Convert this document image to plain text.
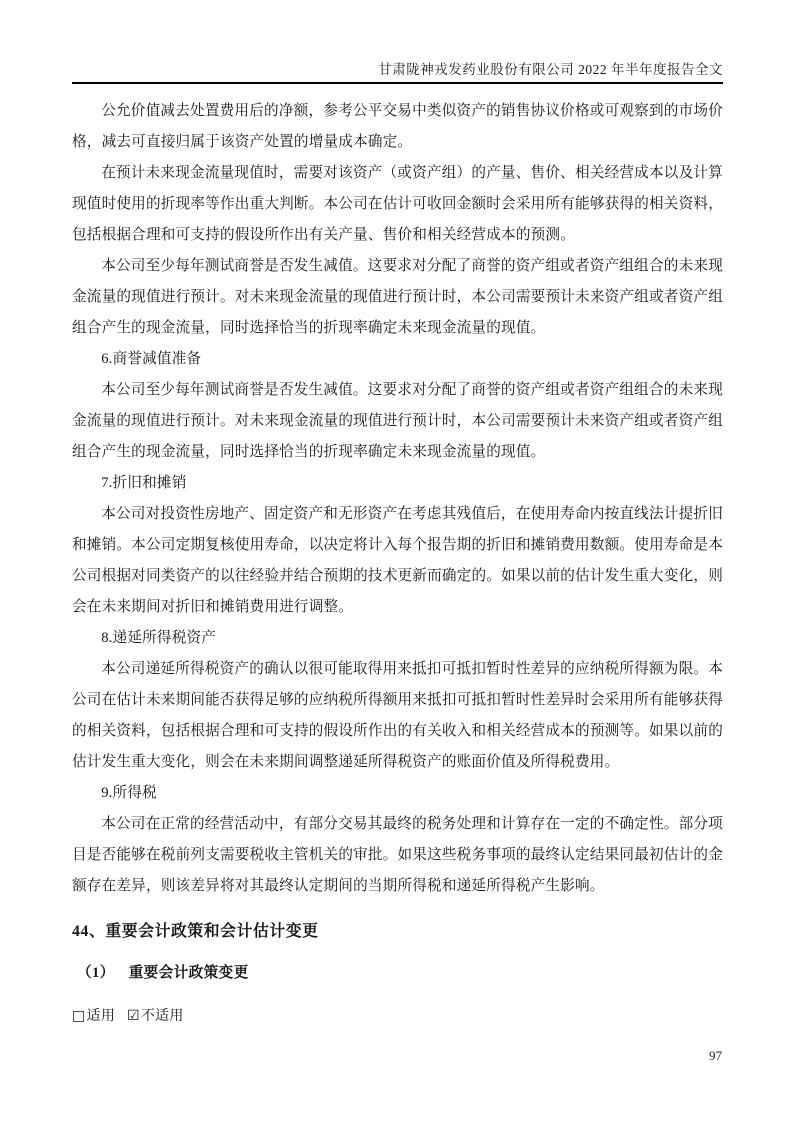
甘肃陇神戎发药业股份有限公司 2022 年半年度报告全文

公允价值减去处置费用后的净额，参考公平交易中类似资产的销售协议价格或可观察到的市场价格，减去可直接归属于该资产处置的增量成本确定。

在预计未来现金流量现值时，需要对该资产（或资产组）的产量、售价、相关经营成本以及计算现值时使用的折现率等作出重大判断。本公司在估计可收回金额时会采用所有能够获得的相关资料，包括根据合理和可支持的假设所作出有关产量、售价和相关经营成本的预测。

本公司至少每年测试商誉是否发生减值。这要求对分配了商誉的资产组或者资产组组合的未来现金流量的现值进行预计。对未来现金流量的现值进行预计时，本公司需要预计未来资产组或者资产组组合产生的现金流量，同时选择恰当的折现率确定未来现金流量的现值。

6.商誉减值准备

本公司至少每年测试商誉是否发生减值。这要求对分配了商誉的资产组或者资产组组合的未来现金流量的现值进行预计。对未来现金流量的现值进行预计时，本公司需要预计未来资产组或者资产组组合产生的现金流量，同时选择恰当的折现率确定未来现金流量的现值。

7.折旧和摊销

本公司对投资性房地产、固定资产和无形资产在考虑其残值后，在使用寿命内按直线法计提折旧和摊销。本公司定期复核使用寿命，以决定将计入每个报告期的折旧和摊销费用数额。使用寿命是本公司根据对同类资产的以往经验并结合预期的技术更新而确定的。如果以前的估计发生重大变化，则会在未来期间对折旧和摊销费用进行调整。

8.递延所得税资产

本公司递延所得税资产的确认以很可能取得用来抵扣可抵扣暂时性差异的应纳税所得额为限。本公司在估计未来期间能否获得足够的应纳税所得额用来抵扣可抵扣暂时性差异时会采用所有能够获得的相关资料，包括根据合理和可支持的假设所作出的有关收入和相关经营成本的预测等。如果以前的估计发生重大变化，则会在未来期间调整递延所得税资产的账面价值及所得税费用。

9.所得税

本公司在正常的经营活动中，有部分交易其最终的税务处理和计算存在一定的不确定性。部分项目是否能够在税前列支需要税收主管机关的审批。如果这些税务事项的最终认定结果同最初估计的金额存在差异，则该差异将对其最终认定期间的当期所得税和递延所得税产生影响。

44、重要会计政策和会计估计变更

（1） 重要会计政策变更

□适用 ☑不适用

97
